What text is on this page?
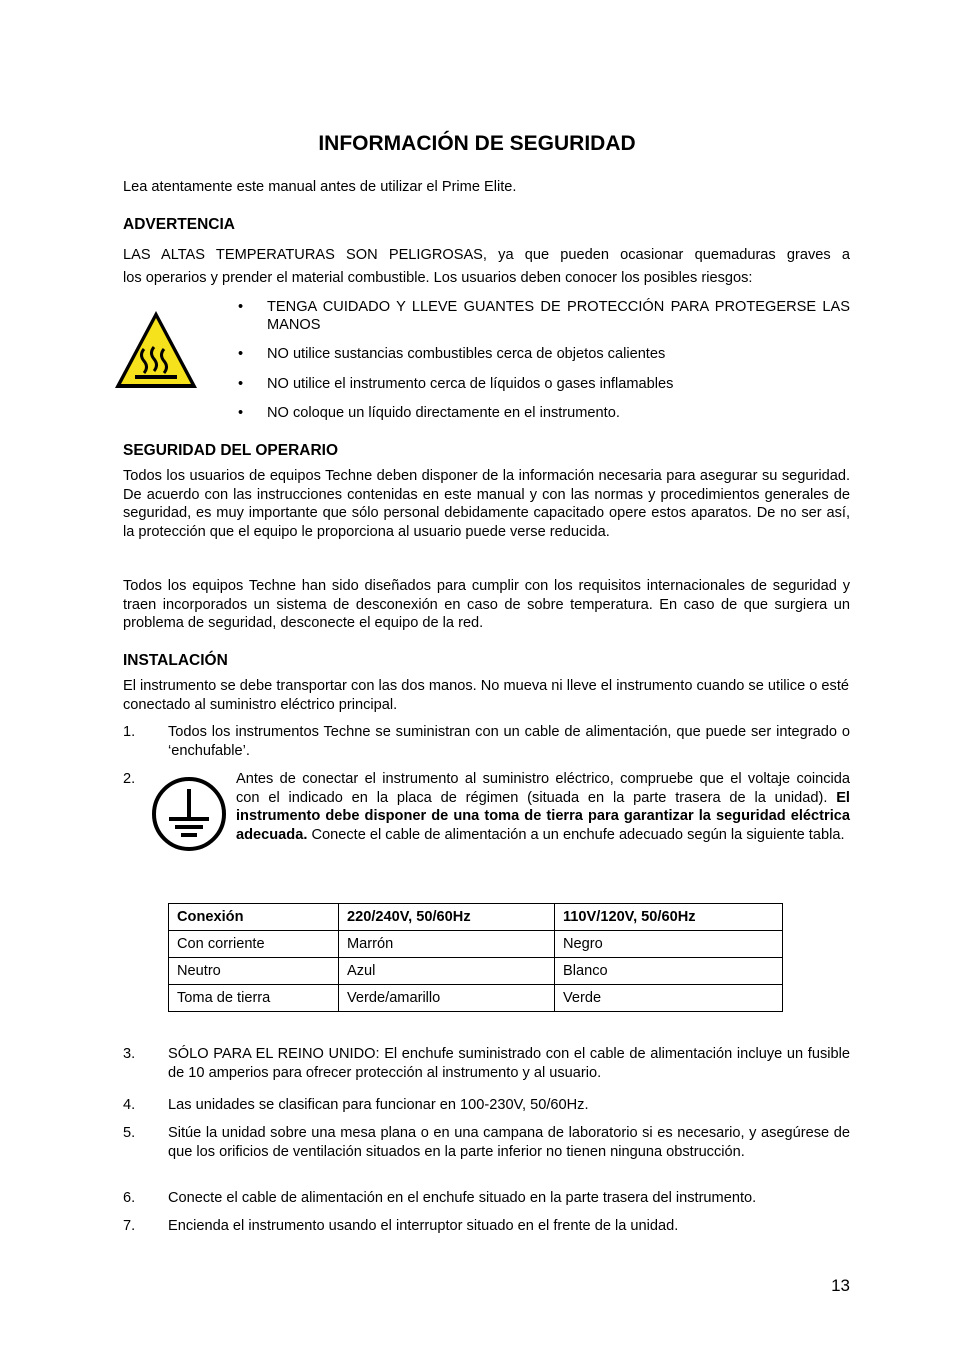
INFORMACIÓN DE SEGURIDAD
Lea atentamente este manual antes de utilizar el Prime Elite.
ADVERTENCIA
LAS ALTAS TEMPERATURAS SON PELIGROSAS, ya que pueden ocasionar quemaduras graves a
los operarios y prender el material combustible. Los usuarios deben conocer los posibles riesgos:
• TENGA CUIDADO Y LLEVE GUANTES DE PROTECCIÓN PARA PROTEGERSE LAS MANOS
• NO utilice sustancias combustibles cerca de objetos calientes
• NO utilice el instrumento cerca de líquidos o gases inflamables
• NO coloque un líquido directamente en el instrumento.
SEGURIDAD DEL OPERARIO
Todos los usuarios de equipos Techne deben disponer de la información necesaria para asegurar su seguridad. De acuerdo con las instrucciones contenidas en este manual y con las normas y procedimientos generales de seguridad, es muy importante que sólo personal debidamente capacitado opere estos aparatos. De no ser así, la protección que el equipo le proporciona al usuario puede verse reducida.
Todos los equipos Techne han sido diseñados para cumplir con los requisitos internacionales de seguridad y traen incorporados un sistema de desconexión en caso de sobre temperatura. En caso de que surgiera un problema de seguridad, desconecte el equipo de la red.
INSTALACIÓN
El instrumento se debe transportar con las dos manos. No mueva ni lleve el instrumento cuando se utilice o esté conectado al suministro eléctrico principal.
1. Todos los instrumentos Techne se suministran con un cable de alimentación, que puede ser integrado o ‘enchufable’.
2.	Antes de conectar el instrumento al suministro eléctrico, compruebe que el voltaje coincida con el indicado en la placa de régimen (situada en la parte trasera de la unidad). El instrumento debe disponer de una toma de tierra para garantizar la seguridad eléctrica adecuada. Conecte el cable de alimentación a un enchufe adecuado según la siguiente tabla.
Conexión	220/240V, 50/60Hz	110V/120V, 50/60Hz
Con corriente	Marrón	Negro
Neutro	Azul	Blanco
Toma de tierra	Verde/amarillo	Verde
3. SÓLO PARA EL REINO UNIDO: El enchufe suministrado con el cable de alimentación incluye un fusible de 10 amperios para ofrecer protección al instrumento y al usuario.
4. Las unidades se clasifican para funcionar en 100-230V, 50/60Hz.
5. Sitúe la unidad sobre una mesa plana o en una campana de laboratorio si es necesario, y asegúrese de que los orificios de ventilación situados en la parte inferior no tienen ninguna obstrucción.
6. Conecte el cable de alimentación en el enchufe situado en la parte trasera del instrumento.
7. Encienda el instrumento usando el interruptor situado en el frente de la unidad.
13
